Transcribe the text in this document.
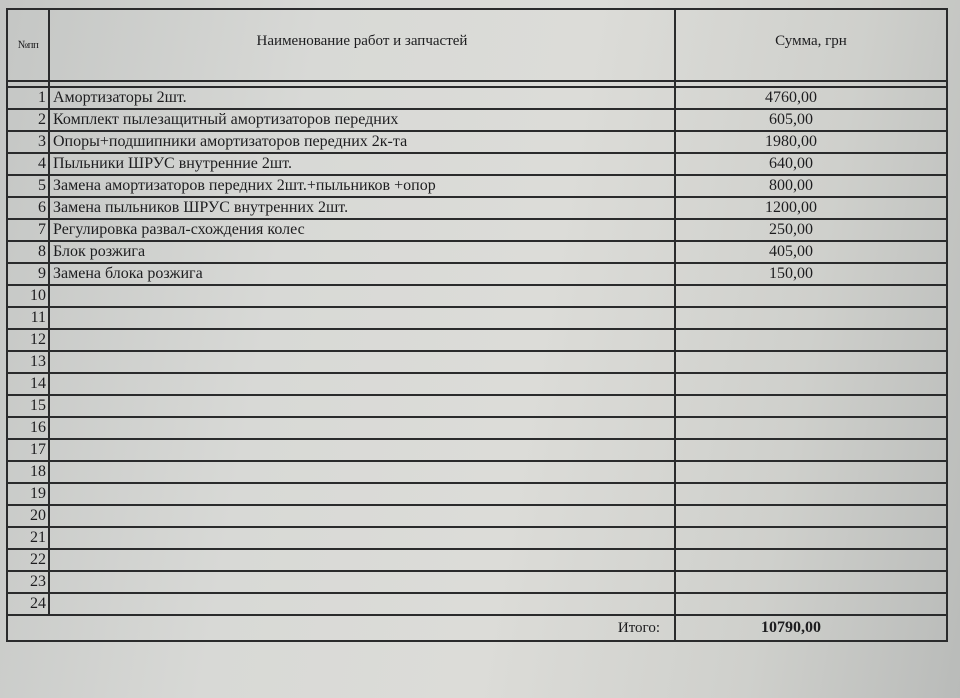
№пп	Наименование работ и запчастей	Сумма, грн

1	Амортизаторы 2шт.	4760,00
2	Комплект пылезащитный амортизаторов передних	605,00
3	Опоры+подшипники амортизаторов передних 2к-та	1980,00
4	Пыльники ШРУС внутренние 2шт.	640,00
5	Замена амортизаторов передних 2шт.+пыльников +опор	800,00
6	Замена пыльников ШРУС внутренних 2шт.	1200,00
7	Регулировка развал-схождения колес	250,00
8	Блок розжига	405,00
9	Замена блока розжига	150,00
10		
11		
12		
13		
14		
15		
16		
17		
18		
19		
20		
21		
22		
23		
24		
Итого:		10790,00
